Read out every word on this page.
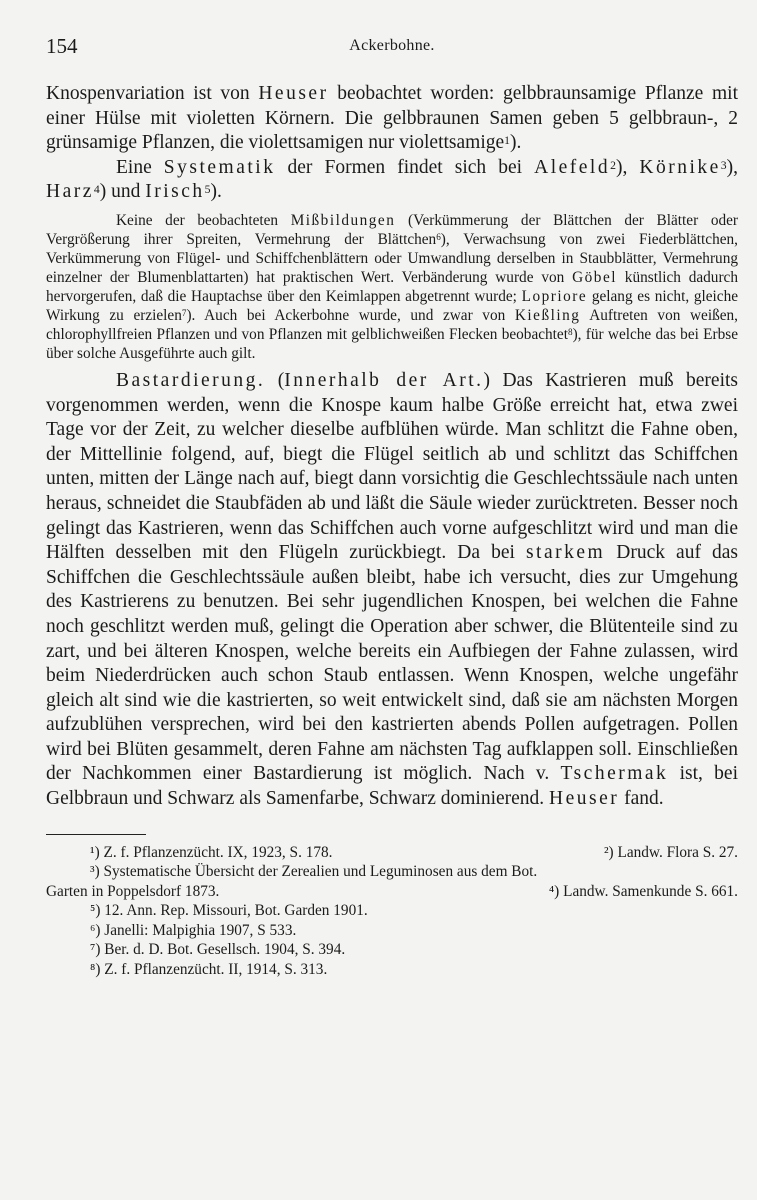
154	Ackerbohne.

Knospenvariation ist von Heuser beobachtet worden: gelbbraunsamige Pflanze mit einer Hülse mit violetten Körnern. Die gelbbraunen Samen geben 5 gelbbraun-, 2 grünsamige Pflanzen, die violettsamigen nur violettsamige$^1$).

Eine Systematik der Formen findet sich bei Alefeld$^2$), Körnike$^3$), Harz$^4$) und Irisch$^5$).

Keine der beobachteten Mißbildungen (Verkümmerung der Blättchen der Blätter oder Vergrößerung ihrer Spreiten, Vermehrung der Blättchen$^6$), Verwachsung von zwei Fiederblättchen, Verkümmerung von Flügel- und Schiffchenblättern oder Umwandlung derselben in Staubblätter, Vermehrung einzelner der Blumenblattarten) hat praktischen Wert. Verbänderung wurde von Göbel künstlich dadurch hervorgerufen, daß die Hauptachse über den Keimlappen abgetrennt wurde; Lopriore gelang es nicht, gleiche Wirkung zu erzielen$^7$). Auch bei Ackerbohne wurde, und zwar von Kießling Auftreten von weißen, chlorophyllfreien Pflanzen und von Pflanzen mit gelblichweißen Flecken beobachtet$^8$), für welche das bei Erbse über solche Ausgeführte auch gilt.

Bastardierung. (Innerhalb der Art.) Das Kastrieren muß bereits vorgenommen werden, wenn die Knospe kaum halbe Größe erreicht hat, etwa zwei Tage vor der Zeit, zu welcher dieselbe aufblühen würde. Man schlitzt die Fahne oben, der Mittellinie folgend, auf, biegt die Flügel seitlich ab und schlitzt das Schiffchen unten, mitten der Länge nach auf, biegt dann vorsichtig die Geschlechtssäule nach unten heraus, schneidet die Staubfäden ab und läßt die Säule wieder zurücktreten. Besser noch gelingt das Kastrieren, wenn das Schiffchen auch vorne aufgeschlitzt wird und man die Hälften desselben mit den Flügeln zurückbiegt. Da bei starkem Druck auf das Schiffchen die Geschlechtssäule außen bleibt, habe ich versucht, dies zur Umgehung des Kastrierens zu benutzen. Bei sehr jugendlichen Knospen, bei welchen die Fahne noch geschlitzt werden muß, gelingt die Operation aber schwer, die Blütenteile sind zu zart, und bei älteren Knospen, welche bereits ein Aufbiegen der Fahne zulassen, wird beim Niederdrücken auch schon Staub entlassen. Wenn Knospen, welche ungefähr gleich alt sind wie die kastrierten, so weit entwickelt sind, daß sie am nächsten Morgen aufzublühen versprechen, wird bei den kastrierten abends Pollen aufgetragen. Pollen wird bei Blüten gesammelt, deren Fahne am nächsten Tag aufklappen soll. Einschließen der Nachkommen einer Bastardierung ist möglich. Nach v. Tschermak ist, bei Gelbbraun und Schwarz als Samenfarbe, Schwarz dominierend. Heuser fand.

¹) Z. f. Pflanzenzücht. IX, 1923, S. 178.	²) Landw. Flora S. 27.
³) Systematische Übersicht der Zerealien und Leguminosen aus dem Bot.
Garten in Poppelsdorf 1873.	⁴) Landw. Samenkunde S. 661.
⁵) 12. Ann. Rep. Missouri, Bot. Garden 1901.
⁶) Janelli: Malpighia 1907, S 533.
⁷) Ber. d. D. Bot. Gesellsch. 1904, S. 394.
⁸) Z. f. Pflanzenzücht. II, 1914, S. 313.
